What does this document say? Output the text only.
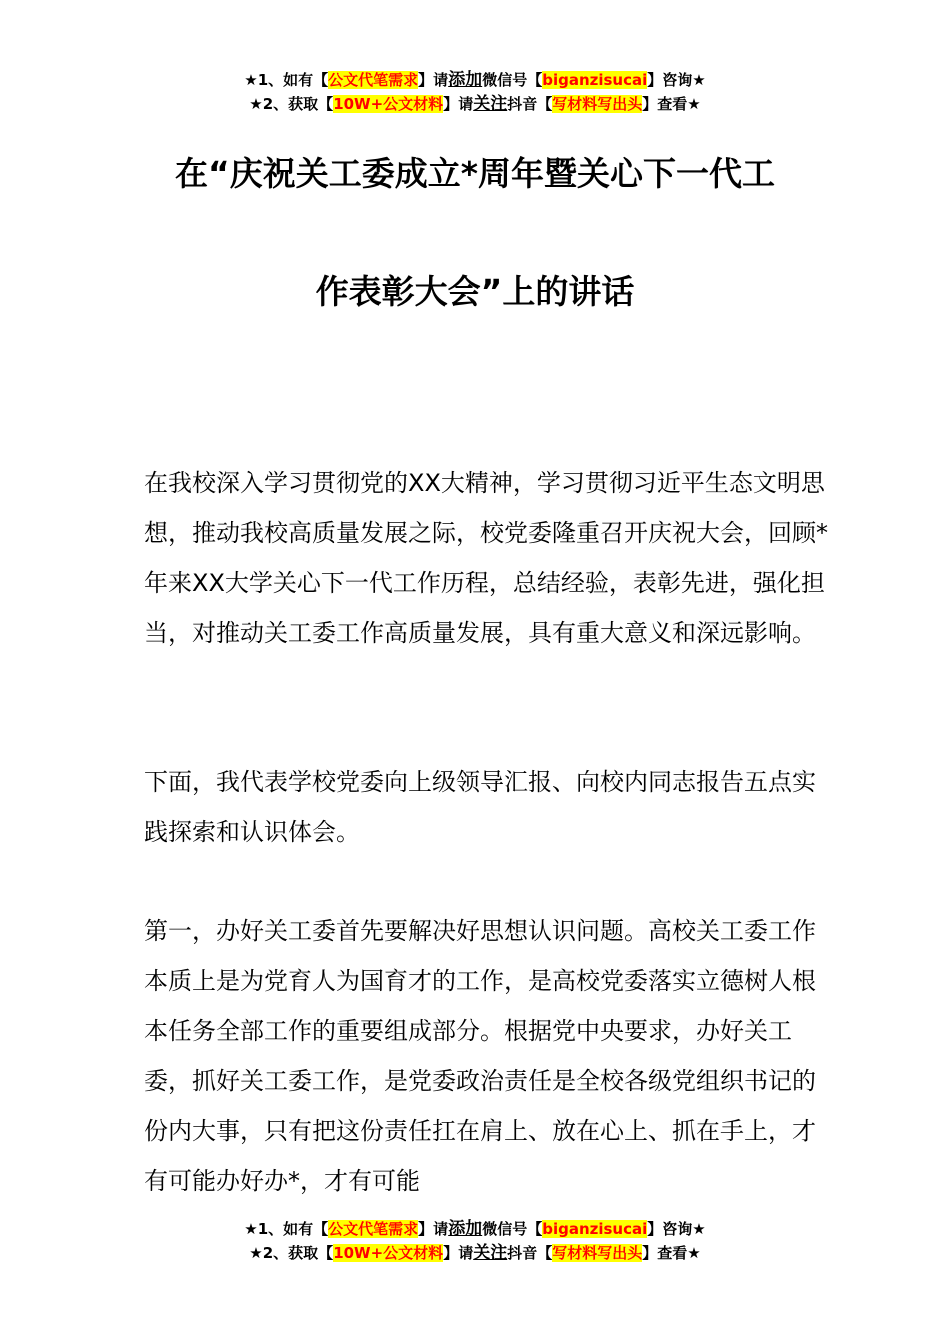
★1、如有【公文代笔需求】请添加微信号【biganzisucai】咨询★
★2、获取【10W+公文材料】请关注抖音【写材料写出头】查看★
在“庆祝关工委成立*周年暨关心下一代工
作表彰大会”上的讲话

在我校深入学习贯彻党的XX大精神，学习贯彻习近平生态文明思想，推动我校高质量发展之际，校党委隆重召开庆祝大会，回顾*年来XX大学关心下一代工作历程，总结经验，表彰先进，强化担当，对推动关工委工作高质量发展，具有重大意义和深远影响。

下面，我代表学校党委向上级领导汇报、向校内同志报告五点实践探索和认识体会。

第一，办好关工委首先要解决好思想认识问题。高校关工委工作本质上是为党育人为国育才的工作，是高校党委落实立德树人根本任务全部工作的重要组成部分。根据党中央要求，办好关工委，抓好关工委工作，是党委政治责任是全校各级党组织书记的份内大事，只有把这份责任扛在肩上、放在心上、抓在手上，才有可能办好办*，才有可能

★1、如有【公文代笔需求】请添加微信号【biganzisucai】咨询★
★2、获取【10W+公文材料】请关注抖音【写材料写出头】查看★
